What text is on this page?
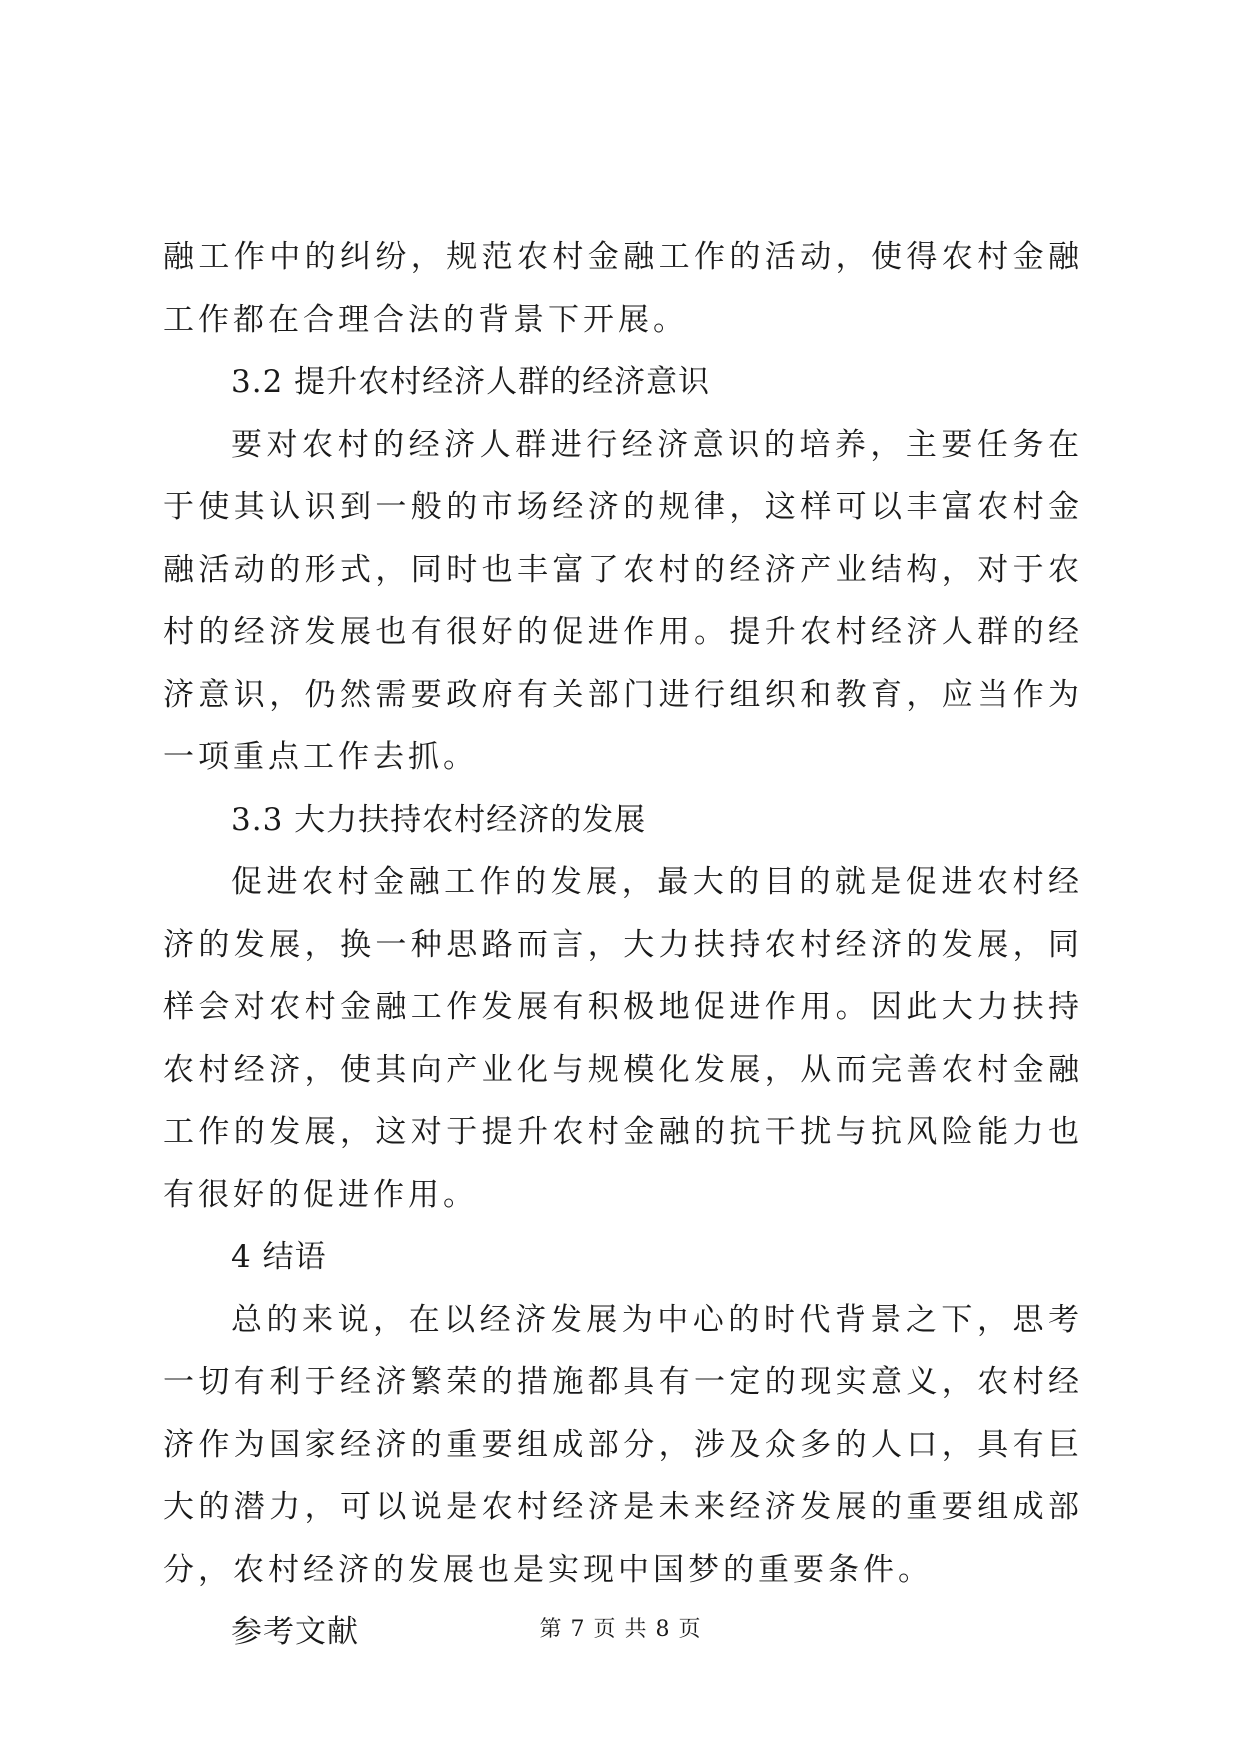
融工作中的纠纷，规范农村金融工作的活动，使得农村金融工作都在合理合法的背景下开展。

3.2 提升农村经济人群的经济意识

要对农村的经济人群进行经济意识的培养，主要任务在于使其认识到一般的市场经济的规律，这样可以丰富农村金融活动的形式，同时也丰富了农村的经济产业结构，对于农村的经济发展也有很好的促进作用。提升农村经济人群的经济意识，仍然需要政府有关部门进行组织和教育，应当作为一项重点工作去抓。

3.3 大力扶持农村经济的发展

促进农村金融工作的发展，最大的目的就是促进农村经济的发展，换一种思路而言，大力扶持农村经济的发展，同样会对农村金融工作发展有积极地促进作用。因此大力扶持农村经济，使其向产业化与规模化发展，从而完善农村金融工作的发展，这对于提升农村金融的抗干扰与抗风险能力也有很好的促进作用。

4 结语

总的来说，在以经济发展为中心的时代背景之下，思考一切有利于经济繁荣的措施都具有一定的现实意义，农村经济作为国家经济的重要组成部分，涉及众多的人口，具有巨大的潜力，可以说是农村经济是未来经济发展的重要组成部分，农村经济的发展也是实现中国梦的重要条件。

参考文献	第 7 页 共 8 页
